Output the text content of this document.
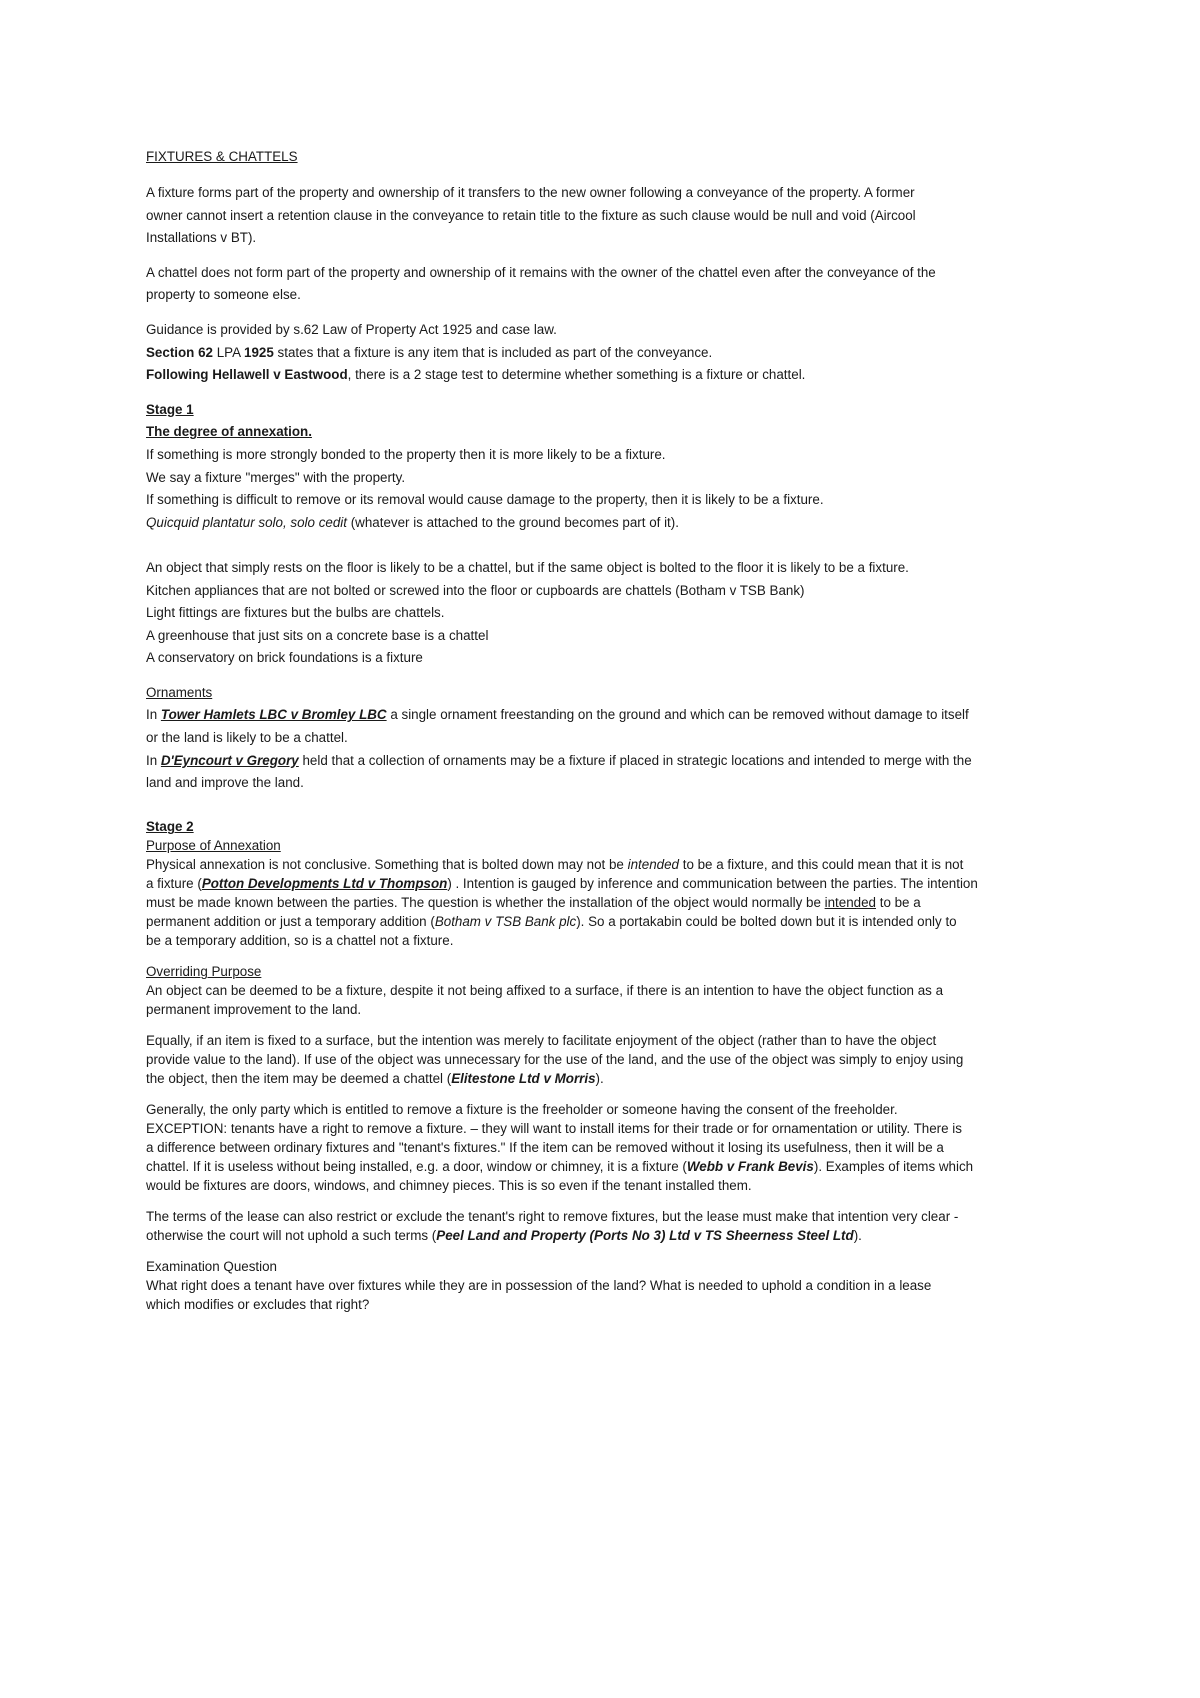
FIXTURES & CHATTELS
A fixture forms part of the property and ownership of it transfers to the new owner following a conveyance of the property. A former
owner cannot insert a retention clause in the conveyance to retain title to the fixture as such clause would be null and void (Aircool
Installations v BT).
A chattel does not form part of the property and ownership of it remains with the owner of the chattel even after the conveyance of the
property to someone else.
Guidance is provided by s.62 Law of Property Act 1925 and case law.
Section 62 LPA 1925 states that a fixture is any item that is included as part of the conveyance.
Following Hellawell v Eastwood, there is a 2 stage test to determine whether something is a fixture or chattel.
Stage 1
The degree of annexation.
If something is more strongly bonded to the property then it is more likely to be a fixture.
We say a fixture "merges" with the property.
If something is difficult to remove or its removal would cause damage to the property, then it is likely to be a fixture.
Quicquid plantatur solo, solo cedit (whatever is attached to the ground becomes part of it).
An object that simply rests on the floor is likely to be a chattel, but if the same object is bolted to the floor it is likely to be a fixture.
Kitchen appliances that are not bolted or screwed into the floor or cupboards are chattels (Botham v TSB Bank)
Light fittings are fixtures but the bulbs are chattels.
A greenhouse that just sits on a concrete base is a chattel
A conservatory on brick foundations is a fixture
Ornaments
In Tower Hamlets LBC v Bromley LBC a single ornament freestanding on the ground and which can be removed without damage to itself
or the land is likely to be a chattel.
In D'Eyncourt v Gregory held that a collection of ornaments may be a fixture if placed in strategic locations and intended to merge with the
land and improve the land.
Stage 2
Purpose of Annexation
Physical annexation is not conclusive. Something that is bolted down may not be intended to be a fixture, and this could mean that it is not
a fixture (Potton Developments Ltd v Thompson) . Intention is gauged by inference and communication between the parties. The intention
must be made known between the parties. The question is whether the installation of the object would normally be intended to be a
permanent addition or just a temporary addition (Botham v TSB Bank plc). So a portakabin could be bolted down but it is intended only to
be a temporary addition, so is a chattel not a fixture.
Overriding Purpose
An object can be deemed to be a fixture, despite it not being affixed to a surface, if there is an intention to have the object function as a
permanent improvement to the land.
Equally, if an item is fixed to a surface, but the intention was merely to facilitate enjoyment of the object (rather than to have the object
provide value to the land). If use of the object was unnecessary for the use of the land, and the use of the object was simply to enjoy using
the object, then the item may be deemed a chattel (Elitestone Ltd v Morris).
Generally, the only party which is entitled to remove a fixture is the freeholder or someone having the consent of the freeholder.
EXCEPTION: tenants have a right to remove a fixture. – they will want to install items for their trade or for ornamentation or utility. There is
a difference between ordinary fixtures and "tenant's fixtures." If the item can be removed without it losing its usefulness, then it will be a
chattel. If it is useless without being installed, e.g. a door, window or chimney, it is a fixture (Webb v Frank Bevis). Examples of items which
would be fixtures are doors, windows, and chimney pieces. This is so even if the tenant installed them.
The terms of the lease can also restrict or exclude the tenant's right to remove fixtures, but the lease must make that intention very clear -
otherwise the court will not uphold a such terms (Peel Land and Property (Ports No 3) Ltd v TS Sheerness Steel Ltd).
Examination Question
What right does a tenant have over fixtures while they are in possession of the land? What is needed to uphold a condition in a lease
which modifies or excludes that right?
